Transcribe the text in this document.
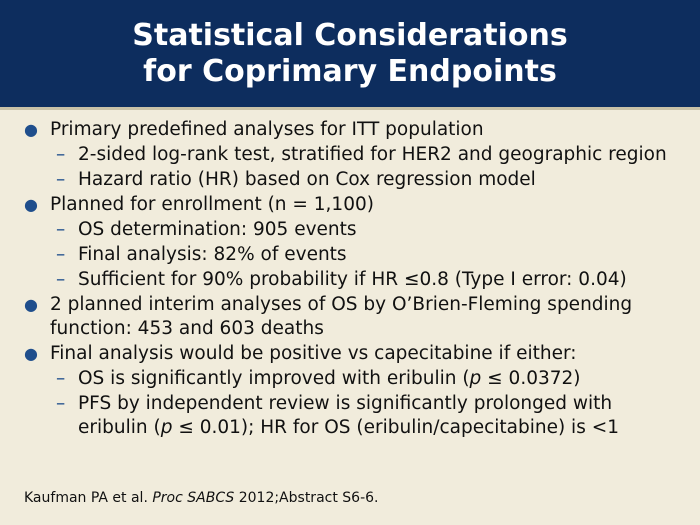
Statistical Considerations
for Coprimary Endpoints
● Primary predefined analyses for ITT population
– 2-sided log-rank test, stratified for HER2 and geographic region
– Hazard ratio (HR) based on Cox regression model
● Planned for enrollment (n = 1,100)
– OS determination: 905 events
– Final analysis: 82% of events
– Sufficient for 90% probability if HR ≤0.8 (Type I error: 0.04)
● 2 planned interim analyses of OS by O’Brien-Fleming spending function: 453 and 603 deaths
● Final analysis would be positive vs capecitabine if either:
– OS is significantly improved with eribulin (p ≤ 0.0372)
– PFS by independent review is significantly prolonged with eribulin (p ≤ 0.01); HR for OS (eribulin/capecitabine) is <1
Kaufman PA et al. Proc SABCS 2012;Abstract S6-6.
